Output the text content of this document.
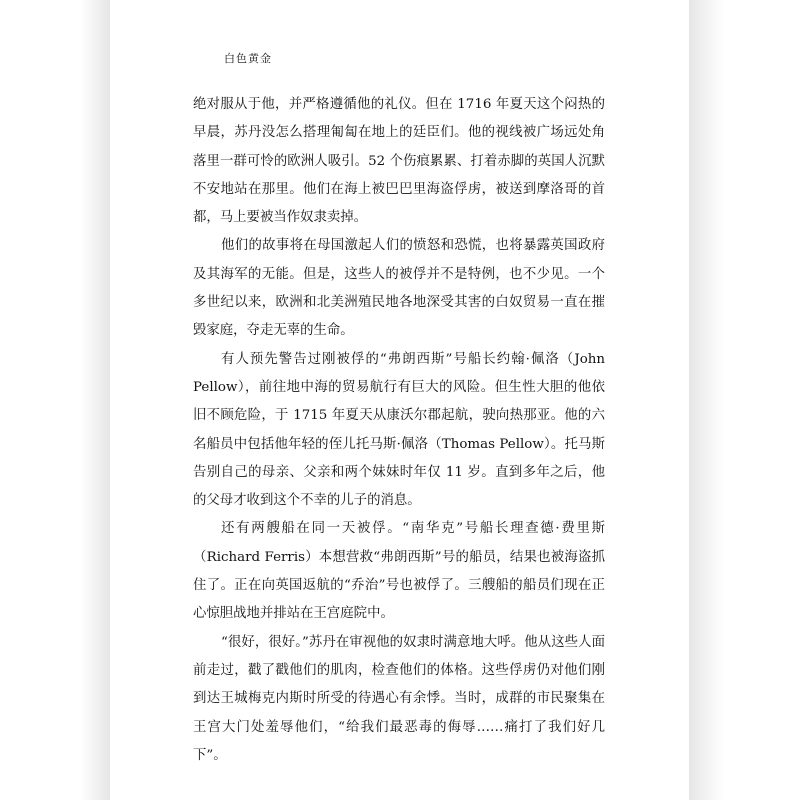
白色黄金

绝对服从于他，并严格遵循他的礼仪。但在 1716 年夏天这个闷热的早晨，苏丹没怎么搭理匍匐在地上的廷臣们。他的视线被广场远处角落里一群可怜的欧洲人吸引。52 个伤痕累累、打着赤脚的英国人沉默不安地站在那里。他们在海上被巴巴里海盗俘虏，被送到摩洛哥的首都，马上要被当作奴隶卖掉。

他们的故事将在母国激起人们的愤怒和恐慌，也将暴露英国政府及其海军的无能。但是，这些人的被俘并不是特例，也不少见。一个多世纪以来，欧洲和北美洲殖民地各地深受其害的白奴贸易一直在摧毁家庭，夺走无辜的生命。

有人预先警告过刚被俘的“弗朗西斯”号船长约翰·佩洛（John Pellow），前往地中海的贸易航行有巨大的风险。但生性大胆的他依旧不顾危险，于 1715 年夏天从康沃尔郡起航，驶向热那亚。他的六名船员中包括他年轻的侄儿托马斯·佩洛（Thomas Pellow）。托马斯告别自己的母亲、父亲和两个妹妹时年仅 11 岁。直到多年之后，他的父母才收到这个不幸的儿子的消息。

还有两艘船在同一天被俘。“南华克”号船长理查德·费里斯（Richard Ferris）本想营救“弗朗西斯”号的船员，结果也被海盗抓住了。正在向英国返航的“乔治”号也被俘了。三艘船的船员们现在正心惊胆战地并排站在王宫庭院中。

“很好，很好。”苏丹在审视他的奴隶时满意地大呼。他从这些人面前走过，戳了戳他们的肌肉，检查他们的体格。这些俘虏仍对他们刚到达王城梅克内斯时所受的待遇心有余悸。当时，成群的市民聚集在王宫大门处羞辱他们，“给我们最恶毒的侮辱……痛打了我们好几下”。
